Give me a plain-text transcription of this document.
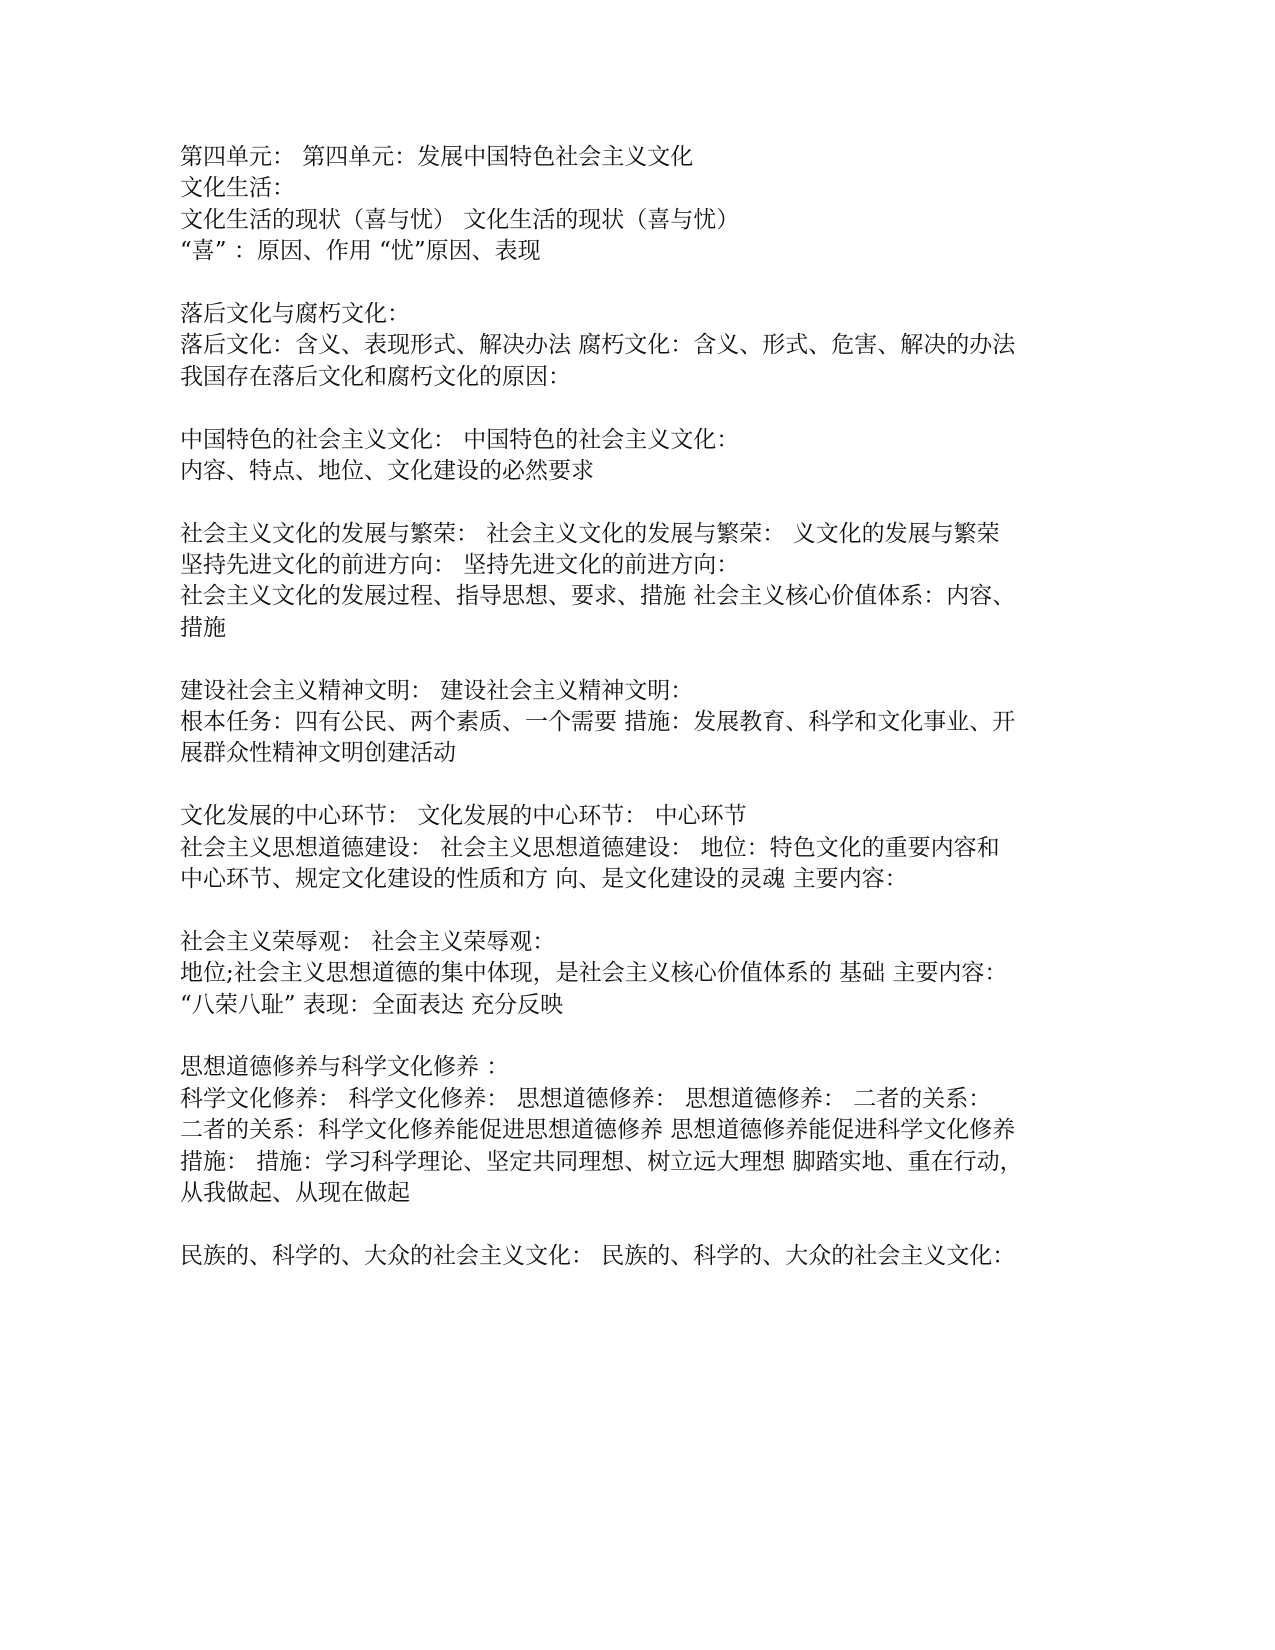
第四单元： 第四单元：发展中国特色社会主义文化
文化生活：
文化生活的现状（喜与忧） 文化生活的现状（喜与忧）
“喜” ：原因、作用 “忧”原因、表现
落后文化与腐朽文化：
落后文化：含义、表现形式、解决办法 腐朽文化：含义、形式、危害、解决的办法
我国存在落后文化和腐朽文化的原因：
中国特色的社会主义文化： 中国特色的社会主义文化：
内容、特点、地位、文化建设的必然要求
社会主义文化的发展与繁荣： 社会主义文化的发展与繁荣： 义文化的发展与繁荣
坚持先进文化的前进方向： 坚持先进文化的前进方向：
社会主义文化的发展过程、指导思想、要求、措施 社会主义核心价值体系：内容、
措施
建设社会主义精神文明： 建设社会主义精神文明：
根本任务：四有公民、两个素质、一个需要 措施：发展教育、科学和文化事业、开
展群众性精神文明创建活动
文化发展的中心环节： 文化发展的中心环节： 中心环节
社会主义思想道德建设： 社会主义思想道德建设： 地位：特色文化的重要内容和
中心环节、规定文化建设的性质和方 向、是文化建设的灵魂 主要内容：
社会主义荣辱观： 社会主义荣辱观：
地位;社会主义思想道德的集中体现，是社会主义核心价值体系的 基础 主要内容：
“八荣八耻” 表现：全面表达 充分反映
思想道德修养与科学文化修养 ：
科学文化修养： 科学文化修养： 思想道德修养： 思想道德修养： 二者的关系：
二者的关系：科学文化修养能促进思想道德修养 思想道德修养能促进科学文化修养
措施： 措施：学习科学理论、坚定共同理想、树立远大理想 脚踏实地、重在行动，
从我做起、从现在做起
民族的、科学的、大众的社会主义文化： 民族的、科学的、大众的社会主义文化：
